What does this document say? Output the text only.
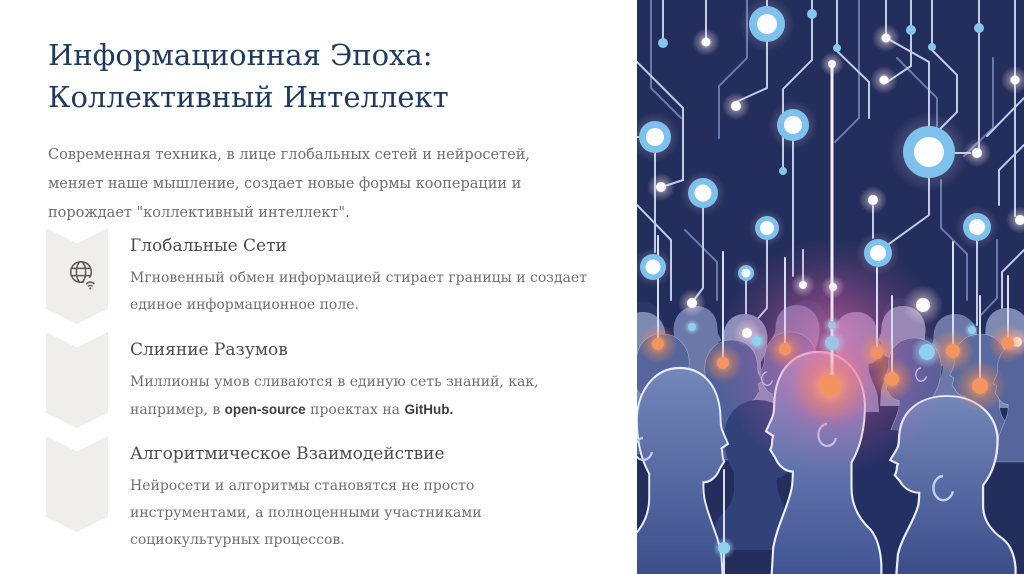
Информационная Эпоха:
Коллективный Интеллект
Современная техника, в лице глобальных сетей и нейросетей, меняет наше мышление, создает новые формы кооперации и порождает "коллективный интеллект".
Глобальные Сети

Мгновенный обмен информацией стирает границы и создает единое информационное поле.

Слияние Разумов

Миллионы умов сливаются в единую сеть знаний, как, например, в open-source проектах на GitHub.

Алгоритмическое Взаимодействие

Нейросети и алгоритмы становятся не просто инструментами, а полноценными участниками социокультурных процессов.
